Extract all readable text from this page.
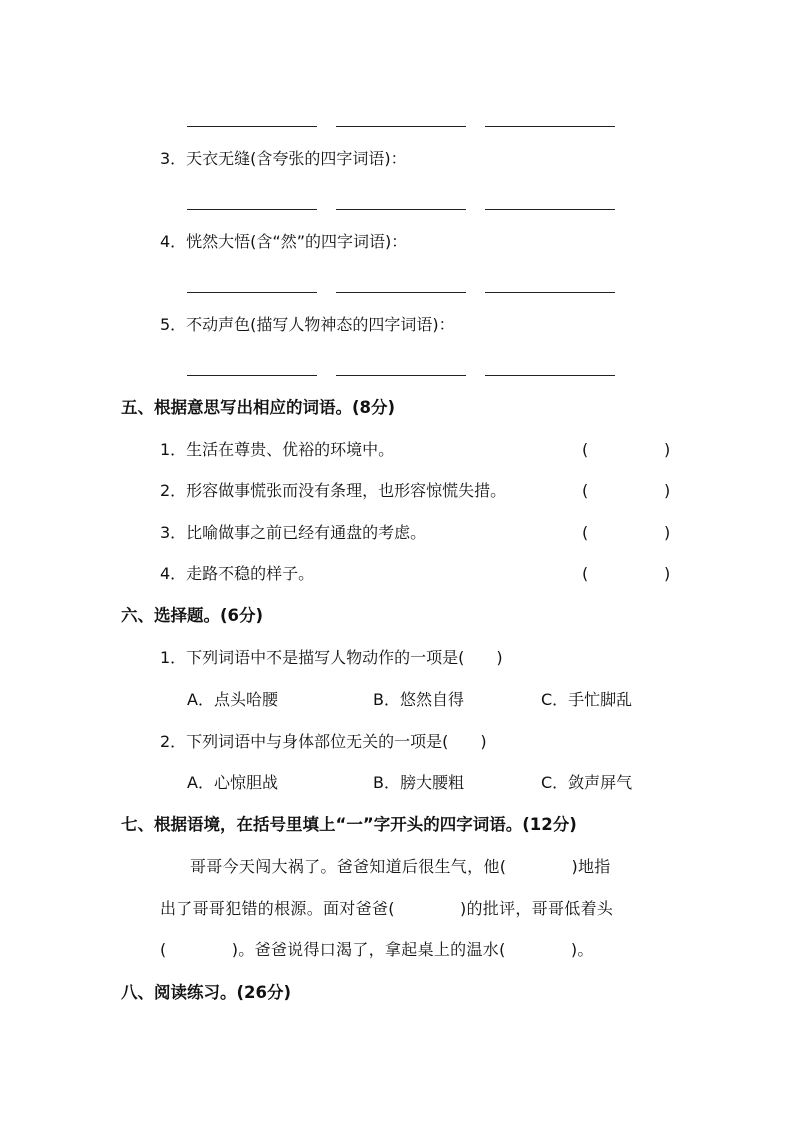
3．天衣无缝(含夸张的四字词语)：
4．恍然大悟(含“然”的四字词语)：
5．不动声色(描写人物神态的四字词语)：
五、根据意思写出相应的词语。(8分)
1．生活在尊贵、优裕的环境中。	(	)
2．形容做事慌张而没有条理，也形容惊慌失措。	(	)
3．比喻做事之前已经有通盘的考虑。	(	)
4．走路不稳的样子。	(	)
六、选择题。(6分)
1．下列词语中不是描写人物动作的一项是(　　)
A．点头哈腰	B．悠然自得	C．手忙脚乱
2．下列词语中与身体部位无关的一项是(　　)
A．心惊胆战	B．膀大腰粗	C．敛声屏气
七、根据语境，在括号里填上“一”字开头的四字词语。(12分)
哥哥今天闯大祸了。爸爸知道后很生气，他(　　　　)地指
出了哥哥犯错的根源。面对爸爸(　　　　)的批评，哥哥低着头
(　　　　)。爸爸说得口渴了，拿起桌上的温水(　　　　)。
八、阅读练习。(26分)
